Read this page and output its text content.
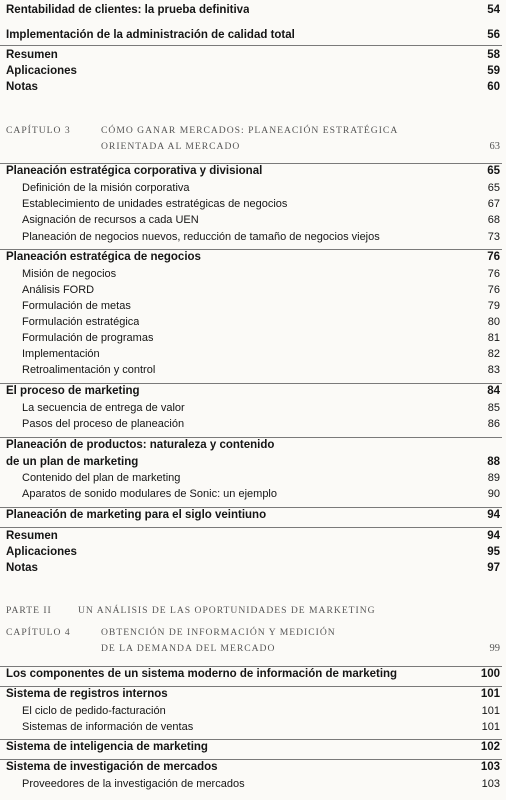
Rentabilidad de clientes: la prueba definitiva	54
Implementación de la administración de calidad total	56
Resumen	58
Aplicaciones	59
Notas	60
CAPÍTULO 3	CÓMO GANAR MERCADOS: PLANEACIÓN ESTRATÉGICA
ORIENTADA AL MERCADO	63
Planeación estratégica corporativa y divisional	65
Definición de la misión corporativa	65
Establecimiento de unidades estratégicas de negocios	67
Asignación de recursos a cada UEN	68
Planeación de negocios nuevos, reducción de tamaño de negocios viejos	73
Planeación estratégica de negocios	76
Misión de negocios	76
Análisis FORD	76
Formulación de metas	79
Formulación estratégica	80
Formulación de programas	81
Implementación	82
Retroalimentación y control	83
El proceso de marketing	84
La secuencia de entrega de valor	85
Pasos del proceso de planeación	86
Planeación de productos: naturaleza y contenido
de un plan de marketing	88
Contenido del plan de marketing	89
Aparatos de sonido modulares de Sonic: un ejemplo	90
Planeación de marketing para el siglo veintiuno	94
Resumen	94
Aplicaciones	95
Notas	97
PARTE II	UN ANÁLISIS DE LAS OPORTUNIDADES DE MARKETING
CAPÍTULO 4	OBTENCIÓN DE INFORMACIÓN Y MEDICIÓN
DE LA DEMANDA DEL MERCADO	99
Los componentes de un sistema moderno de información de marketing	100
Sistema de registros internos	101
El ciclo de pedido-facturación	101
Sistemas de información de ventas	101
Sistema de inteligencia de marketing	102
Sistema de investigación de mercados	103
Proveedores de la investigación de mercados	103
